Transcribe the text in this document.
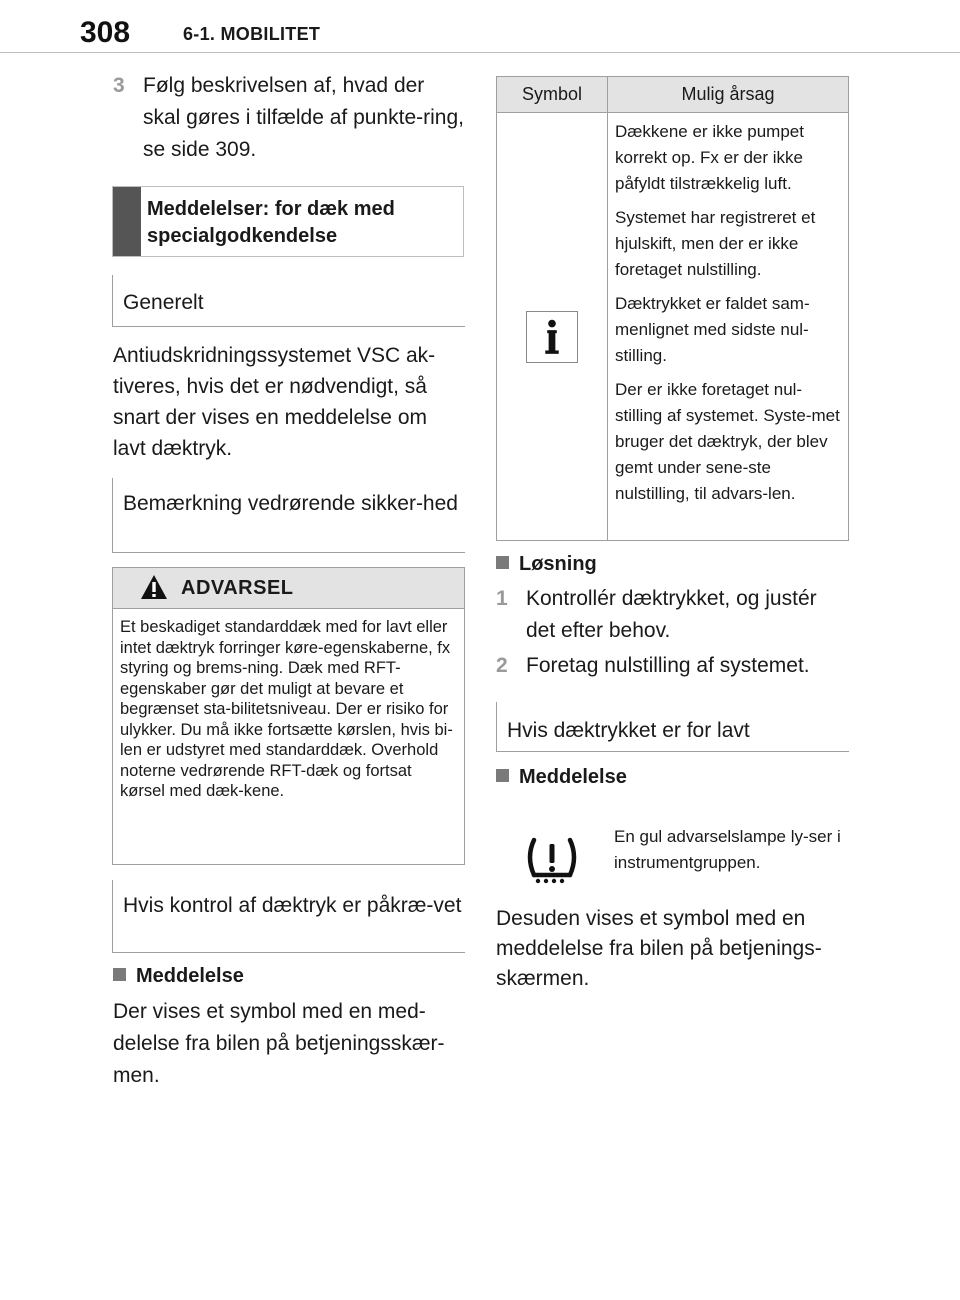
308	6-1. MOBILITET
3 Følg beskrivelsen af, hvad der skal gøres i tilfælde af punkte-ring, se side 309.
Meddelelser: for dæk med specialgodkendelse
Generelt
Antiudskridningssystemet VSC ak-tiveres, hvis det er nødvendigt, så snart der vises en meddelelse om lavt dæktryk.
Bemærkning vedrørende sikker-hed
ADVARSEL
Et beskadiget standarddæk med for lavt eller intet dæktryk forringer køre-egenskaberne, fx styring og brems-ning. Dæk med RFT-egenskaber gør det muligt at bevare et begrænset sta-bilitetsniveau. Der er risiko for ulykker. Du må ikke fortsætte kørslen, hvis bi-len er udstyret med standarddæk. Overhold noterne vedrørende RFT-dæk og fortsat kørsel med dæk-kene.
Hvis kontrol af dæktryk er påkræ-vet
Meddelelse
Der vises et symbol med en med-delelse fra bilen på betjeningsskær-men.
Symbol	Mulig årsag
Dækkene er ikke pumpet korrekt op. Fx er der ikke påfyldt tilstrækkelig luft.
Systemet har registreret et hjulskift, men der er ikke foretaget nulstilling.
Dæktrykket er faldet sam-menlignet med sidste nul-stilling.
Der er ikke foretaget nul-stilling af systemet. Syste-met bruger det dæktryk, der blev gemt under sene-ste nulstilling, til advars-len.
Løsning
1 Kontrollér dæktrykket, og justér det efter behov.
2 Foretag nulstilling af systemet.
Hvis dæktrykket er for lavt
Meddelelse
En gul advarselslampe ly-ser i instrumentgruppen.
Desuden vises et symbol med en meddelelse fra bilen på betjenings-skærmen.
